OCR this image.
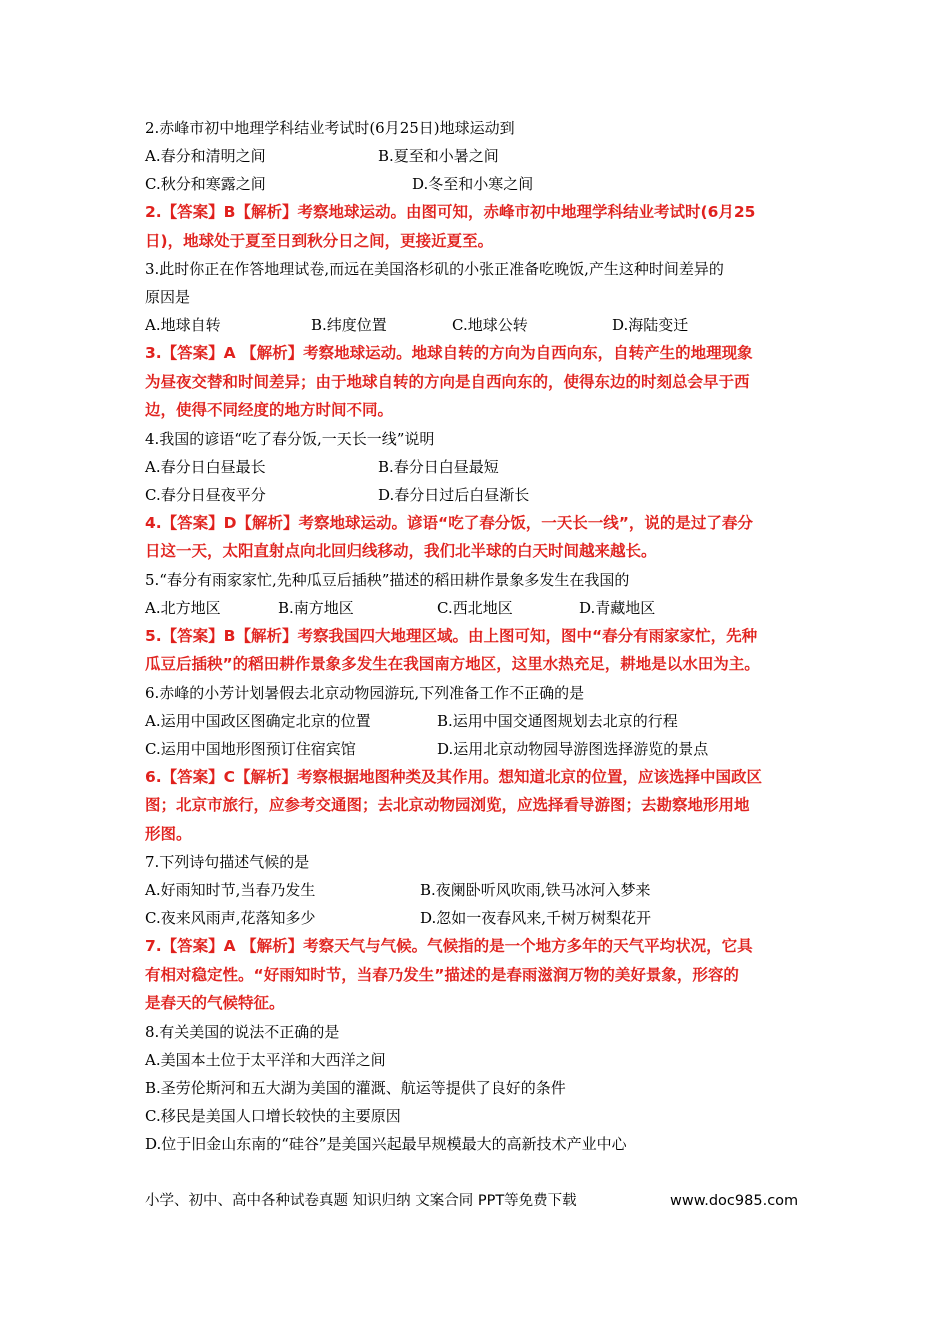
2.赤峰市初中地理学科结业考试时(6月25日)地球运动到
A.春分和清明之间	B.夏至和小暑之间
C.秋分和寒露之间	D.冬至和小寒之间
2.【答案】B【解析】考察地球运动。由图可知，赤峰市初中地理学科结业考试时(6月25
日)，地球处于夏至日到秋分日之间，更接近夏至。
3.此时你正在作答地理试卷,而远在美国洛杉矶的小张正准备吃晚饭,产生这种时间差异的
原因是
A.地球自转	B.纬度位置	C.地球公转	D.海陆变迁
3.【答案】A 【解析】考察地球运动。地球自转的方向为自西向东，自转产生的地理现象
为昼夜交替和时间差异；由于地球自转的方向是自西向东的，使得东边的时刻总会早于西
边，使得不同经度的地方时间不同。
4.我国的谚语“吃了春分饭,一天长一线”说明
A.春分日白昼最长	B.春分日白昼最短
C.春分日昼夜平分	D.春分日过后白昼渐长
4.【答案】D【解析】考察地球运动。谚语“吃了春分饭，一天长一线”，说的是过了春分
日这一天，太阳直射点向北回归线移动，我们北半球的白天时间越来越长。
5.“春分有雨家家忙,先种瓜豆后插秧”描述的稻田耕作景象多发生在我国的
A.北方地区	B.南方地区	C.西北地区	D.青藏地区
5.【答案】B【解析】考察我国四大地理区域。由上图可知，图中“春分有雨家家忙，先种
瓜豆后插秧”的稻田耕作景象多发生在我国南方地区，这里水热充足，耕地是以水田为主。
6.赤峰的小芳计划暑假去北京动物园游玩,下列准备工作不正确的是
A.运用中国政区图确定北京的位置	B.运用中国交通图规划去北京的行程
C.运用中国地形图预订住宿宾馆	D.运用北京动物园导游图选择游览的景点
6.【答案】C【解析】考察根据地图种类及其作用。想知道北京的位置，应该选择中国政区
图；北京市旅行，应参考交通图；去北京动物园浏览，应选择看导游图；去勘察地形用地
形图。
7.下列诗句描述气候的是
A.好雨知时节,当春乃发生	B.夜阑卧听风吹雨,铁马冰河入梦来
C.夜来风雨声,花落知多少	D.忽如一夜春风来,千树万树梨花开
7.【答案】A 【解析】考察天气与气候。气候指的是一个地方多年的天气平均状况，它具
有相对稳定性。“好雨知时节，当春乃发生”描述的是春雨滋润万物的美好景象，形容的
是春天的气候特征。
8.有关美国的说法不正确的是
A.美国本土位于太平洋和大西洋之间
B.圣劳伦斯河和五大湖为美国的灌溉、航运等提供了良好的条件
C.移民是美国人口增长较快的主要原因
D.位于旧金山东南的“硅谷”是美国兴起最早规模最大的高新技术产业中心
小学、初中、高中各种试卷真题 知识归纳 文案合同 PPT等免费下载	www.doc985.com
